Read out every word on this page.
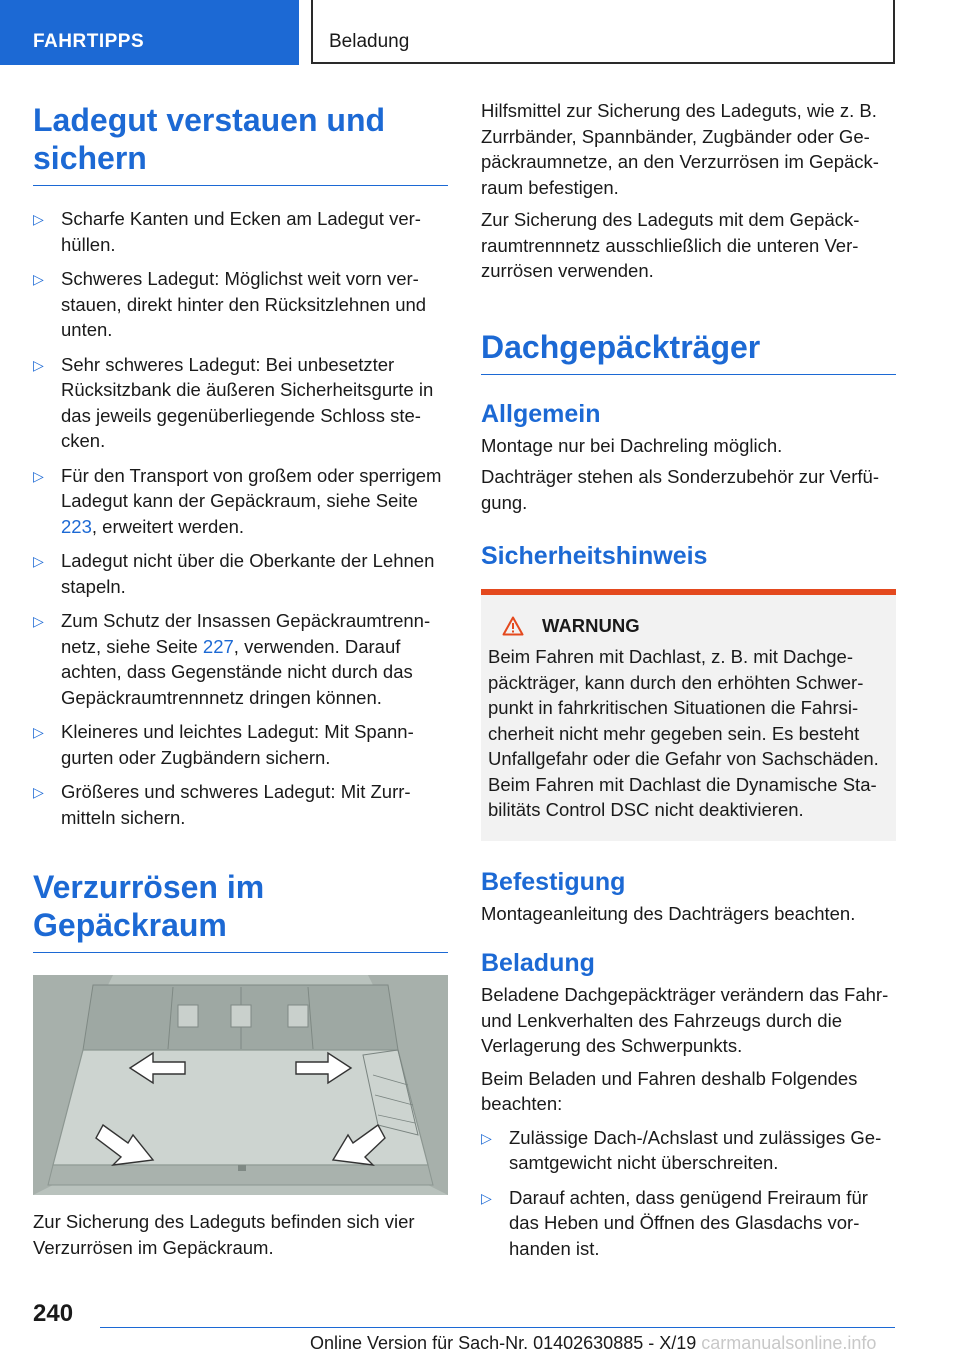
FAHRTIPPS	Beladung
Ladegut verstauen und sichern
▷ Scharfe Kanten und Ecken am Ladegut verhüllen.
▷ Schweres Ladegut: Möglichst weit vorn verstauen, direkt hinter den Rücksitzlehnen und unten.
▷ Sehr schweres Ladegut: Bei unbesetzter Rücksitzbank die äußeren Sicherheitsgurte in das jeweils gegenüberliegende Schloss stecken.
▷ Für den Transport von großem oder sperrigem Ladegut kann der Gepäckraum, siehe Seite 223, erweitert werden.
▷ Ladegut nicht über die Oberkante der Lehnen stapeln.
▷ Zum Schutz der Insassen Gepäckraumtrennnetz, siehe Seite 227, verwenden. Darauf achten, dass Gegenstände nicht durch das Gepäckraumtrennnetz dringen können.
▷ Kleineres und leichtes Ladegut: Mit Spanngurten oder Zugbändern sichern.
▷ Größeres und schweres Ladegut: Mit Zurrmitteln sichern.
Verzurrösen im Gepäckraum

Zur Sicherung des Ladeguts befinden sich vier Verzurrösen im Gepäckraum.

Hilfsmittel zur Sicherung des Ladeguts, wie z. B. Zurrbänder, Spannbänder, Zugbänder oder Gepäckraumnetze, an den Verzurrösen im Gepäckraum befestigen.

Zur Sicherung des Ladeguts mit dem Gepäckraumtrennnetz ausschließlich die unteren Verzurrösen verwenden.

Dachgepäckträger
Allgemein

Montage nur bei Dachreling möglich.

Dachträger stehen als Sonderzubehör zur Verfügung.

Sicherheitshinweis
WARNUNG

Beim Fahren mit Dachlast, z. B. mit Dachgepäckträger, kann durch den erhöhten Schwerpunkt in fahrkritischen Situationen die Fahrsicherheit nicht mehr gegeben sein. Es besteht Unfallgefahr oder die Gefahr von Sachschäden. Beim Fahren mit Dachlast die Dynamische Stabilitäts Control DSC nicht deaktivieren.

Befestigung

Montageanleitung des Dachträgers beachten.

Beladung

Beladene Dachgepäckträger verändern das Fahr- und Lenkverhalten des Fahrzeugs durch die Verlagerung des Schwerpunkts.

Beim Beladen und Fahren deshalb Folgendes beachten:

▷ Zulässige Dach-/Achslast und zulässiges Gesamtgewicht nicht überschreiten.
▷ Darauf achten, dass genügend Freiraum für das Heben und Öffnen des Glasdachs vorhanden ist.
240
Online Version für Sach-Nr. 01402630885 - X/19 carmanualsonline.info
